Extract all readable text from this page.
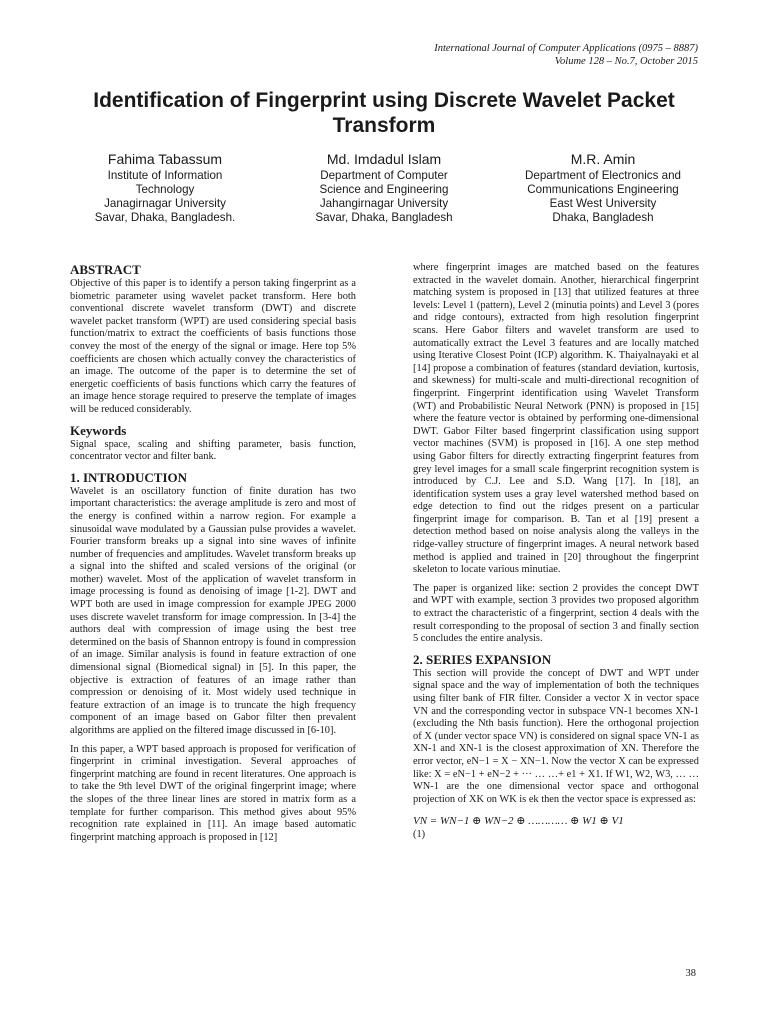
International Journal of Computer Applications (0975 – 8887)
Volume 128 – No.7, October 2015
Identification of Fingerprint using Discrete Wavelet Packet Transform
Fahima Tabassum
Institute of Information
Technology
Janagirnagar University
Savar, Dhaka, Bangladesh.
Md. Imdadul Islam
Department of Computer
Science and Engineering
Jahangirnagar University
Savar, Dhaka, Bangladesh
M.R. Amin
Department of Electronics and
Communications Engineering
East West University
Dhaka, Bangladesh
ABSTRACT

Objective of this paper is to identify a person taking fingerprint as a biometric parameter using wavelet packet transform. Here both conventional discrete wavelet transform (DWT) and discrete wavelet packet transform (WPT) are used considering special basis function/matrix to extract the coefficients of basis functions those convey the most of the energy of the signal or image. Here top 5% coefficients are chosen which actually convey the characteristics of an image. The outcome of the paper is to determine the set of energetic coefficients of basis functions which carry the features of an image hence storage required to preserve the template of images will be reduced considerably.

Keywords

Signal space, scaling and shifting parameter, basis function, concentrator vector and filter bank.

1. INTRODUCTION

Wavelet is an oscillatory function of finite duration has two important characteristics: the average amplitude is zero and most of the energy is confined within a narrow region. For example a sinusoidal wave modulated by a Gaussian pulse provides a wavelet. Fourier transform breaks up a signal into sine waves of infinite number of frequencies and amplitudes. Wavelet transform breaks up a signal into the shifted and scaled versions of the original (or mother) wavelet. Most of the application of wavelet transform in image processing is found as denoising of image [1-2]. DWT and WPT both are used in image compression for example JPEG 2000 uses discrete wavelet transform for image compression. In [3-4] the authors deal with compression of image using the best tree determined on the basis of Shannon entropy is found in compression of an image. Similar analysis is found in feature extraction of one dimensional signal (Biomedical signal) in [5]. In this paper, the objective is extraction of features of an image rather than compression or denoising of it. Most widely used technique in feature extraction of an image is to truncate the high frequency component of an image based on Gabor filter then prevalent algorithms are applied on the filtered image discussed in [6-10].

In this paper, a WPT based approach is proposed for verification of fingerprint in criminal investigation. Several approaches of fingerprint matching are found in recent literatures. One approach is to take the 9th level DWT of the original fingerprint image; where the slopes of the three linear lines are stored in matrix form as a template for further comparison. This method gives about 95% recognition rate explained in [11]. An image based automatic fingerprint matching approach is proposed in [12]

where fingerprint images are matched based on the features extracted in the wavelet domain. Another, hierarchical fingerprint matching system is proposed in [13] that utilized features at three levels: Level 1 (pattern), Level 2 (minutia points) and Level 3 (pores and ridge contours), extracted from high resolution fingerprint scans. Here Gabor filters and wavelet transform are used to automatically extract the Level 3 features and are locally matched using Iterative Closest Point (ICP) algorithm. K. Thaiyalnayaki et al [14] propose a combination of features (standard deviation, kurtosis, and skewness) for multi-scale and multi-directional recognition of fingerprint. Fingerprint identification using Wavelet Transform (WT) and Probabilistic Neural Network (PNN) is proposed in [15] where the feature vector is obtained by performing one-dimensional DWT. Gabor Filter based fingerprint classification using support vector machines (SVM) is proposed in [16]. A one step method using Gabor filters for directly extracting fingerprint features from grey level images for a small scale fingerprint recognition system is introduced by C.J. Lee and S.D. Wang [17]. In [18], an identification system uses a gray level watershed method based on edge detection to find out the ridges present on a particular fingerprint image for comparison. B. Tan et al [19] present a detection method based on noise analysis along the valleys in the ridge-valley structure of fingerprint images. A neural network based method is applied and trained in [20] throughout the fingerprint skeleton to locate various minutiae.

The paper is organized like: section 2 provides the concept DWT and WPT with example, section 3 provides two proposed algorithm to extract the characteristic of a fingerprint, section 4 deals with the result corresponding to the proposal of section 3 and finally section 5 concludes the entire analysis.

2. SERIES EXPANSION

This section will provide the concept of DWT and WPT under signal space and the way of implementation of both the techniques using filter bank of FIR filter. Consider a vector X in vector space VN and the corresponding vector in subspace VN-1 becomes XN-1 (excluding the Nth basis function). Here the orthogonal projection of X (under vector space VN) is considered on signal space VN-1 as XN-1 and XN-1 is the closest approximation of XN. Therefore the error vector, eN−1 = X − XN−1. Now the vector X can be expressed like: X = eN−1 + eN−2 + ··· … …+ e1 + X1. If W1, W2, W3, … … WN-1 are the one dimensional vector space and orthogonal projection of XK on WK is ek then the vector space is expressed as:

VN = WN−1 ⊕ WN−2 ⊕ ………… ⊕ W1 ⊕ V1
(1)
38
